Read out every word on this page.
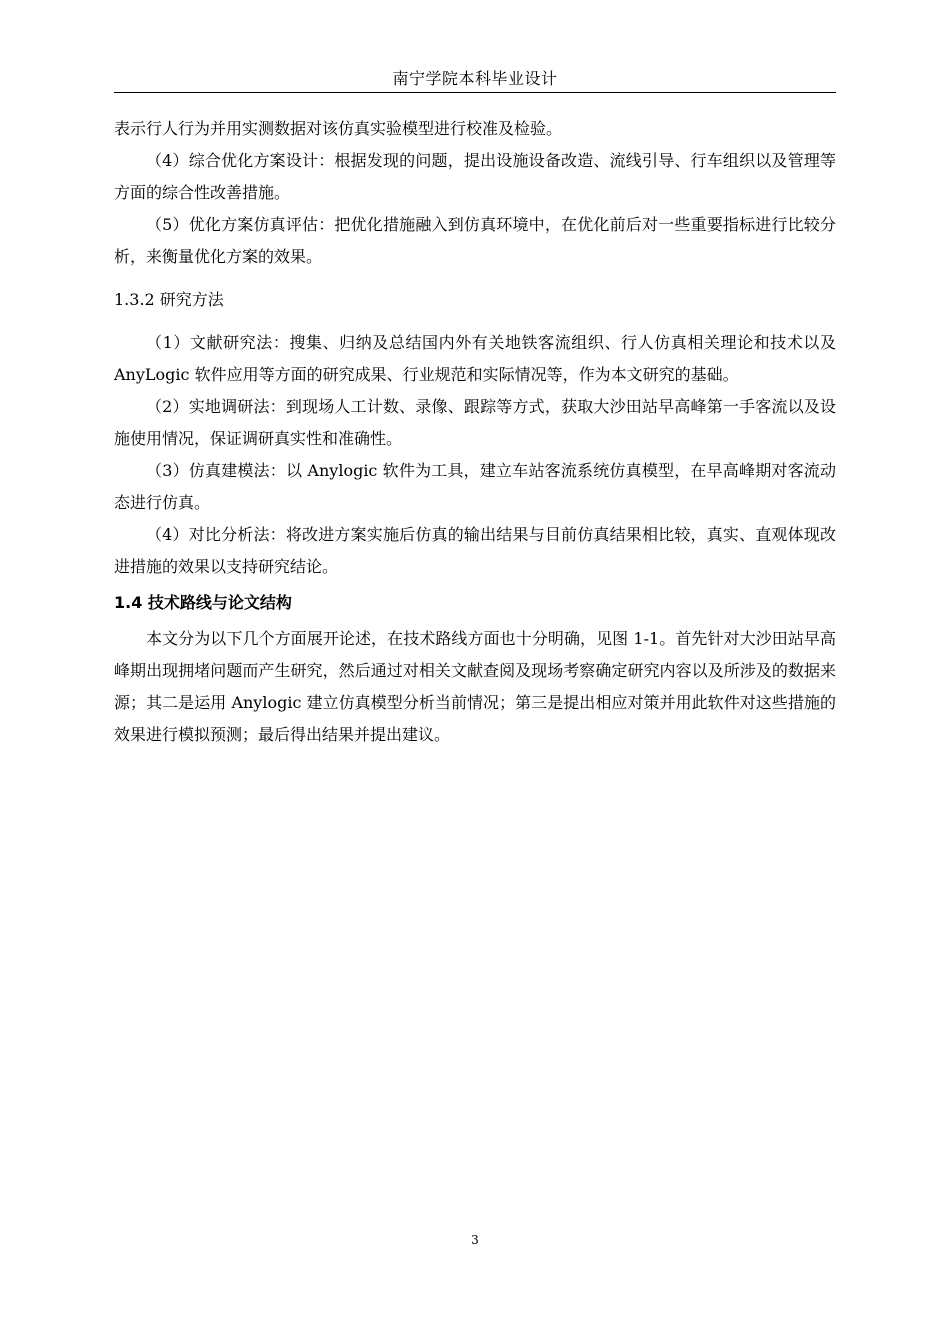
南宁学院本科毕业设计

表示行人行为并用实测数据对该仿真实验模型进行校准及检验。

（4）综合优化方案设计：根据发现的问题，提出设施设备改造、流线引导、行车组织以及管理等方面的综合性改善措施。

（5）优化方案仿真评估：把优化措施融入到仿真环境中，在优化前后对一些重要指标进行比较分析，来衡量优化方案的效果。

1.3.2 研究方法

（1）文献研究法：搜集、归纳及总结国内外有关地铁客流组织、行人仿真相关理论和技术以及 AnyLogic 软件应用等方面的研究成果、行业规范和实际情况等，作为本文研究的基础。

（2）实地调研法：到现场人工计数、录像、跟踪等方式，获取大沙田站早高峰第一手客流以及设施使用情况，保证调研真实性和准确性。

（3）仿真建模法：以 Anylogic 软件为工具，建立车站客流系统仿真模型，在早高峰期对客流动态进行仿真。

（4）对比分析法：将改进方案实施后仿真的输出结果与目前仿真结果相比较，真实、直观体现改进措施的效果以支持研究结论。

1.4 技术路线与论文结构

本文分为以下几个方面展开论述，在技术路线方面也十分明确，见图 1-1。首先针对大沙田站早高峰期出现拥堵问题而产生研究，然后通过对相关文献查阅及现场考察确定研究内容以及所涉及的数据来源；其二是运用 Anylogic 建立仿真模型分析当前情况；第三是提出相应对策并用此软件对这些措施的效果进行模拟预测；最后得出结果并提出建议。

3
